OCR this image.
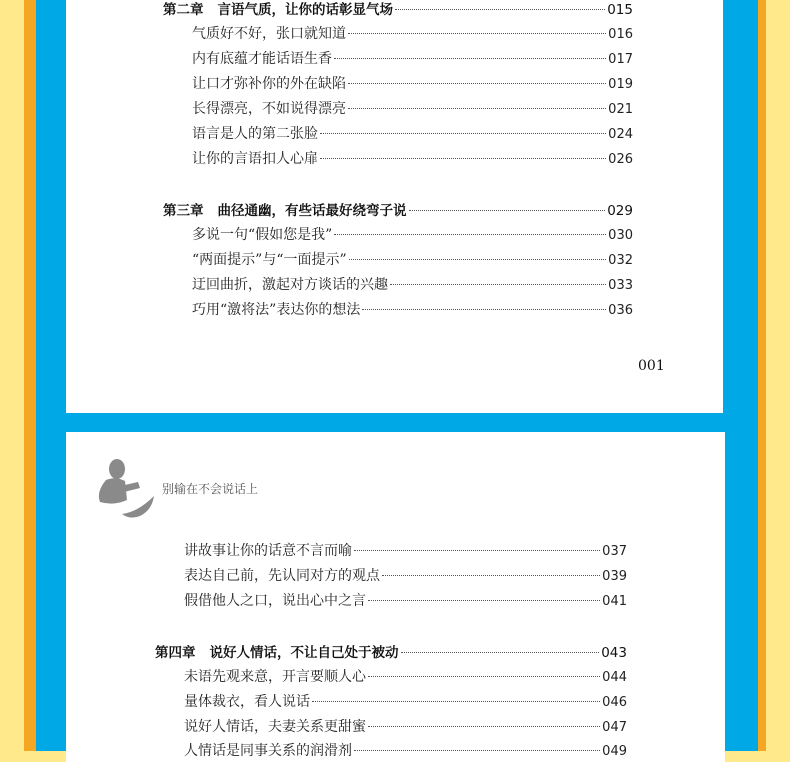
第二章 言语气质，让你的话彰显气场	015
气质好不好，张口就知道	016
内有底蕴才能话语生香	017
让口才弥补你的外在缺陷	019
长得漂亮，不如说得漂亮	021
语言是人的第二张脸	024
让你的言语扣人心扉	026
第三章 曲径通幽，有些话最好绕弯子说	029
多说一句“假如您是我”	030
“两面提示”与“一面提示”	032
迂回曲折，激起对方谈话的兴趣	033
巧用“激将法”表达你的想法	036
001
别输在不会说话上
讲故事让你的话意不言而喻	037
表达自己前，先认同对方的观点	039
假借他人之口，说出心中之言	041
第四章 说好人情话，不让自己处于被动	043
未语先观来意，开言要顺人心	044
量体裁衣，看人说话	046
说好人情话，夫妻关系更甜蜜	047
人情话是同事关系的润滑剂	049
